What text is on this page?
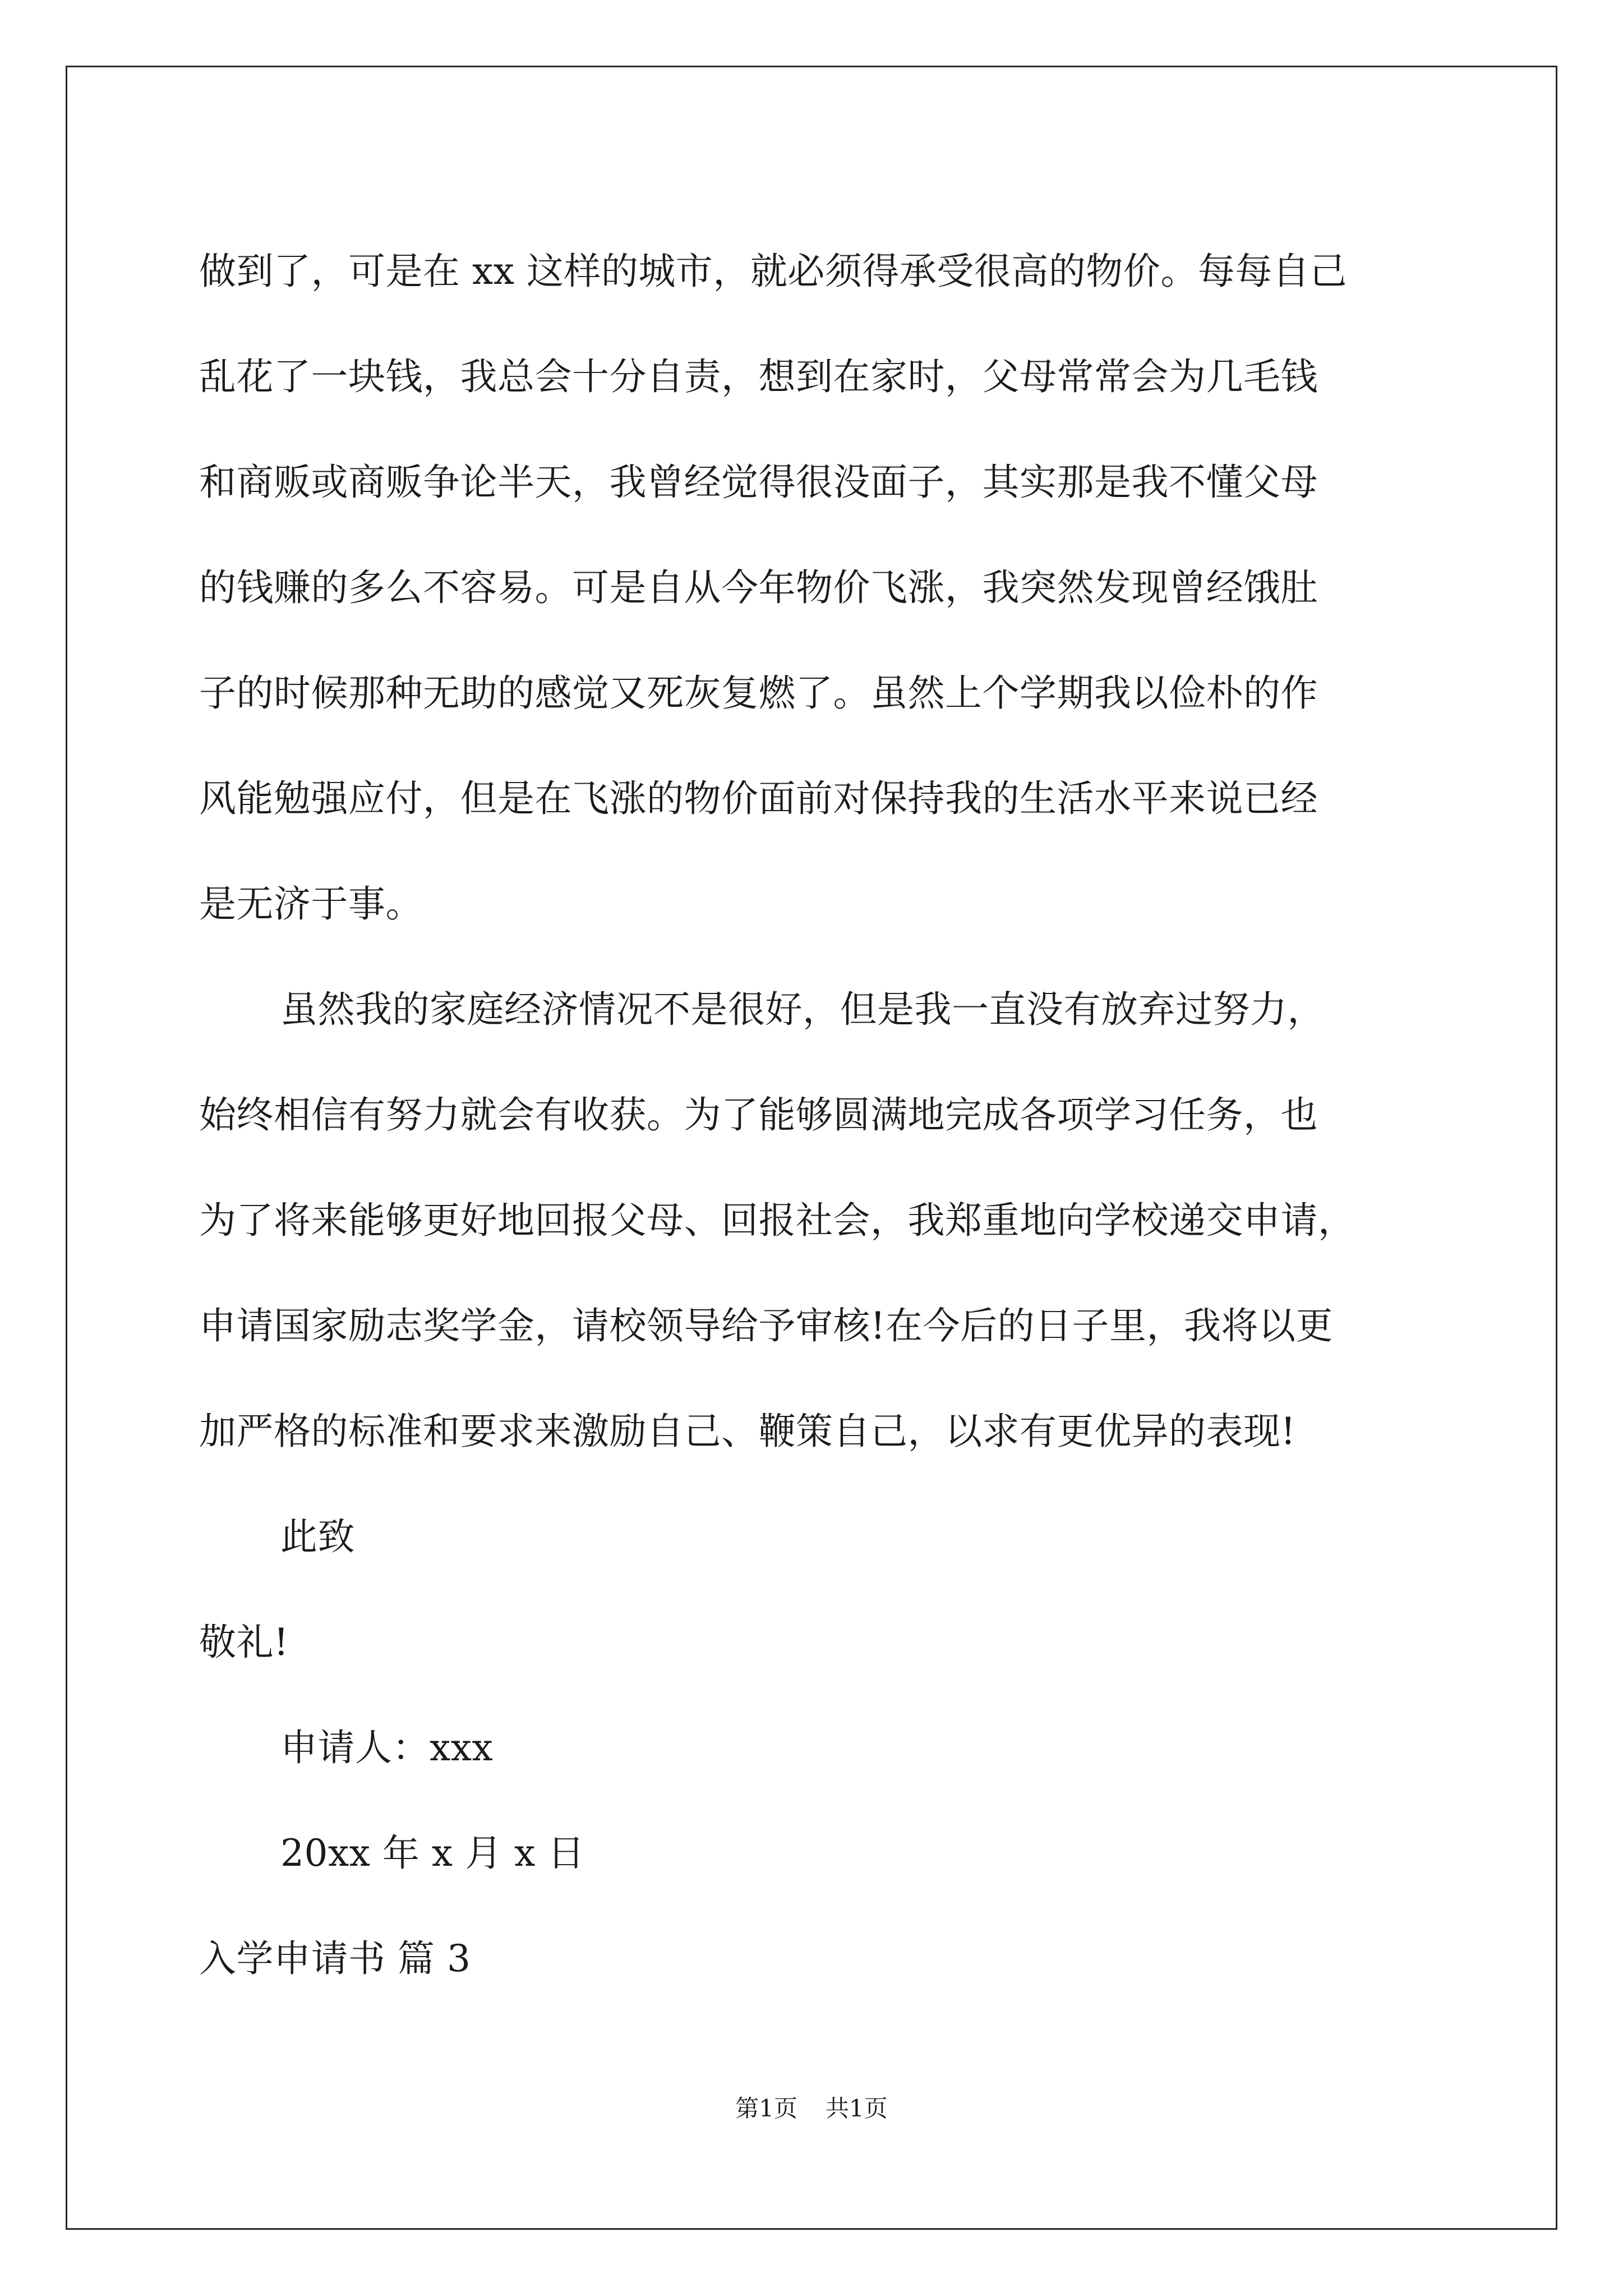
做到了，可是在 xx 这样的城市，就必须得承受很高的物价。每每自己
乱花了一块钱，我总会十分自责，想到在家时，父母常常会为几毛钱
和商贩或商贩争论半天，我曾经觉得很没面子，其实那是我不懂父母
的钱赚的多么不容易。可是自从今年物价飞涨，我突然发现曾经饿肚
子的时候那种无助的感觉又死灰复燃了。虽然上个学期我以俭朴的作
风能勉强应付，但是在飞涨的物价面前对保持我的生活水平来说已经
是无济于事。
虽然我的家庭经济情况不是很好，但是我一直没有放弃过努力，
始终相信有努力就会有收获。为了能够圆满地完成各项学习任务，也
为了将来能够更好地回报父母、回报社会，我郑重地向学校递交申请，
申请国家励志奖学金，请校领导给予审核!在今后的日子里，我将以更
加严格的标准和要求来激励自己、鞭策自己，以求有更优异的表现!
此致
敬礼!
申请人：xxx
20xx 年 x 月 x 日
入学申请书 篇 3
第1页 共1页
